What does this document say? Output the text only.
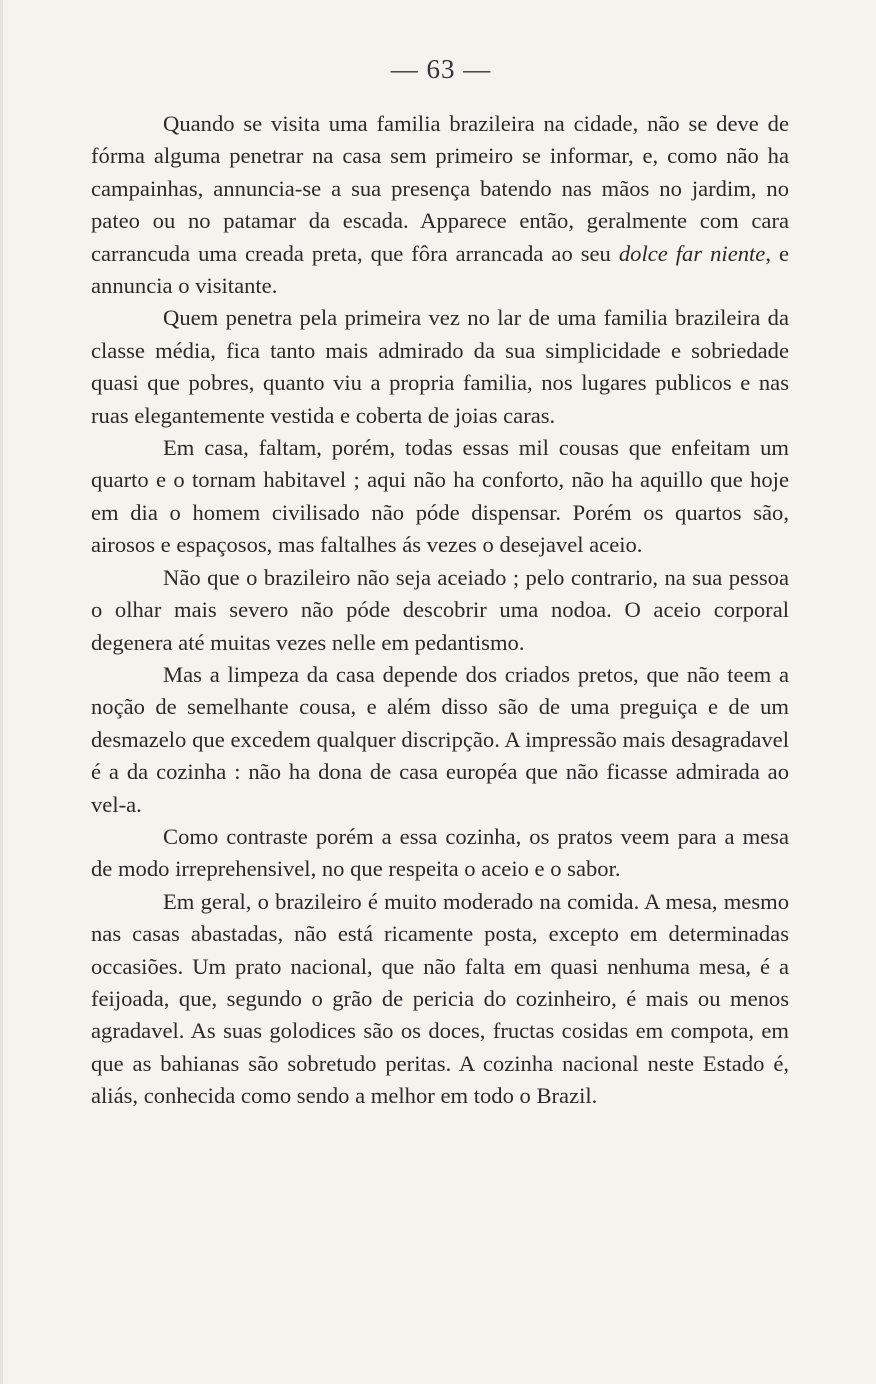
— 63 —

Quando se visita uma familia brazileira na cidade, não se deve de fórma alguma penetrar na casa sem primeiro se informar, e, como não ha campainhas, annuncia-se a sua presença batendo nas mãos no jardim, no pateo ou no patamar da escada. Apparece então, geralmente com cara carrancuda uma creada preta, que fôra arrancada ao seu dolce far niente, e annuncia o visitante.

Quem penetra pela primeira vez no lar de uma familia brazileira da classe média, fica tanto mais admirado da sua simplicidade e sobriedade quasi que pobres, quanto viu a propria familia, nos lugares publicos e nas ruas elegantemente vestida e coberta de joias caras.

Em casa, faltam, porém, todas essas mil cousas que enfeitam um quarto e o tornam habitavel ; aqui não ha conforto, não ha aquillo que hoje em dia o homem civilisado não póde dispensar. Porém os quartos são, airosos e espaçosos, mas faltalhes ás vezes o desejavel aceio.

Não que o brazileiro não seja aceiado ; pelo contrario, na sua pessoa o olhar mais severo não póde descobrir uma nodoa. O aceio corporal degenera até muitas vezes nelle em pedantismo.

Mas a limpeza da casa depende dos criados pretos, que não teem a noção de semelhante cousa, e além disso são de uma preguiça e de um desmazelo que excedem qualquer discripção. A impressão mais desagradavel é a da cozinha : não ha dona de casa européa que não ficasse admirada ao vel-a.

Como contraste porém a essa cozinha, os pratos veem para a mesa de modo irreprehensivel, no que respeita o aceio e o sabor.

Em geral, o brazileiro é muito moderado na comida. A mesa, mesmo nas casas abastadas, não está ricamente posta, excepto em determinadas occasiões. Um prato nacional, que não falta em quasi nenhuma mesa, é a feijoada, que, segundo o grão de pericia do cozinheiro, é mais ou menos agradavel. As suas golodices são os doces, fructas cosidas em compota, em que as bahianas são sobretudo peritas. A cozinha nacional neste Estado é, aliás, conhecida como sendo a melhor em todo o Brazil.
